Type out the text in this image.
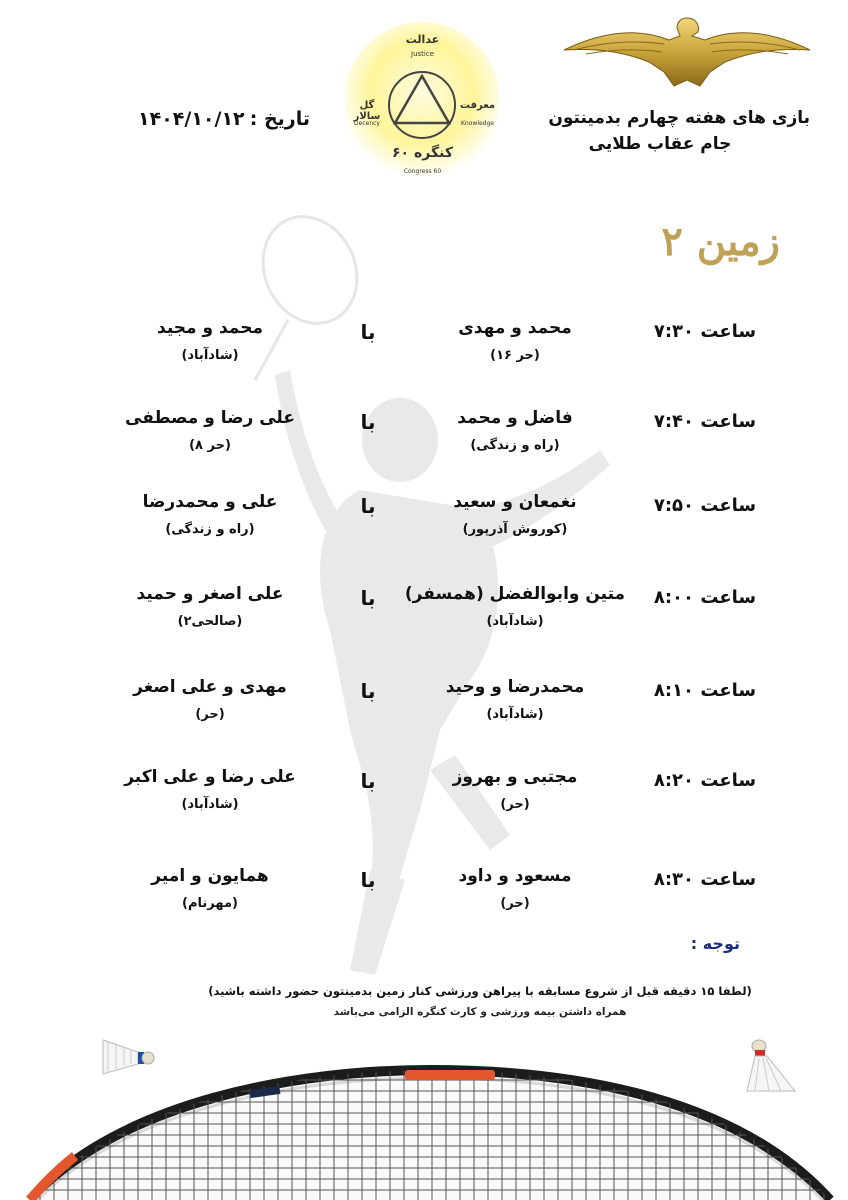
عدالت
Justice
گل سالار
Decency
معرفت
Knowledge
کنگره ۶۰
Congress 60
بازی های هفته چهارم بدمینتون
جام عقاب طلایی
تاریخ : ۱۴۰۴/۱۰/۱۲
زمین ۲
ساعت ۷:۳۰
محمد و مهدی
(حر ۱۶)
با
محمد و مجید
(شادآباد)
ساعت ۷:۴۰
فاضل و محمد
(راه و زندگی)
با
علی رضا و مصطفی
(حر ۸)
ساعت ۷:۵۰
نغمعان و سعید
(کوروش آذرپور)
با
علی و محمدرضا
(راه و زندگی)
ساعت ۸:۰۰
متین وابوالفضل (همسفر)
(شادآباد)
با
علی اصغر و حمید
(صالحی۲)
ساعت ۸:۱۰
محمدرضا و وحید
(شادآباد)
با
مهدی و علی اصغر
(حر)
ساعت ۸:۲۰
مجتبی و بهروز
(حر)
با
علی رضا و علی اکبر
(شادآباد)
ساعت ۸:۳۰
مسعود و داود
(حر)
با
همایون و امیر
(مهرنام)
توجه :
(لطفا ۱۵ دقیقه قبل از شروع مسابقه با پیراهن ورزشی کنار زمین بدمینتون حضور داشته باشید)
همراه داشتن بیمه ورزشی و کارت کنگره الزامی می‌باشد
